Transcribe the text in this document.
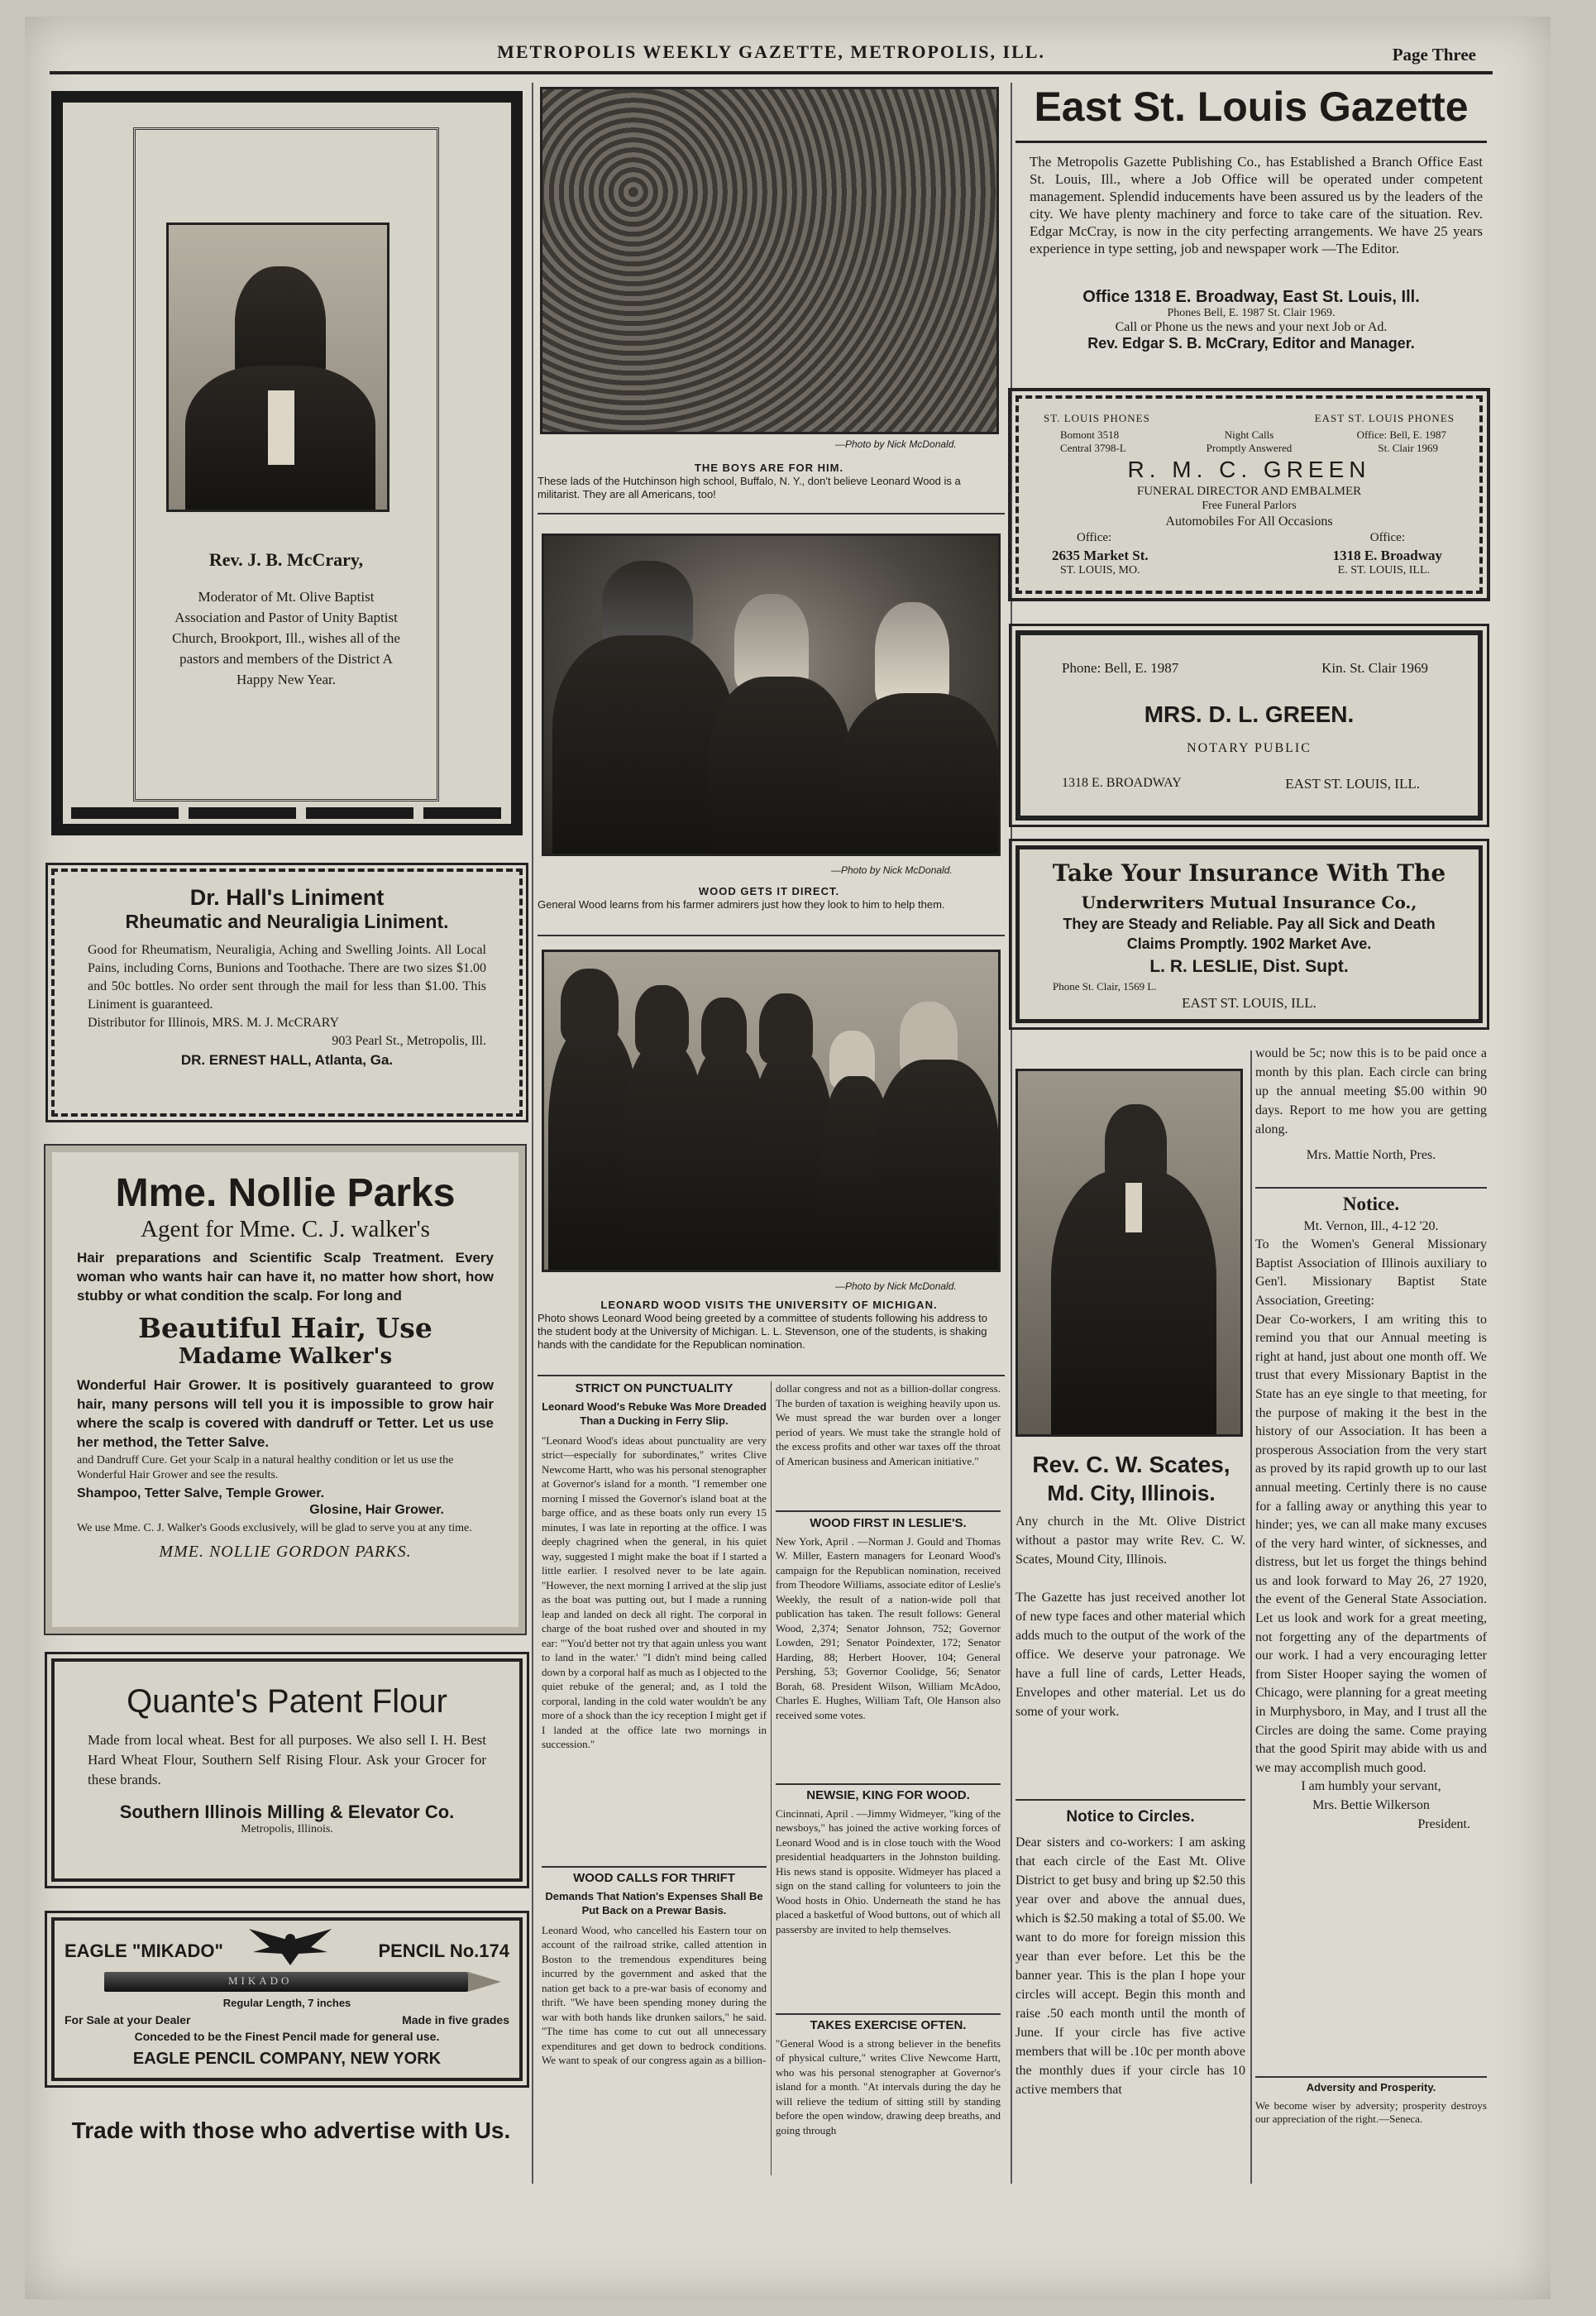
METROPOLIS WEEKLY GAZETTE, METROPOLIS, ILL.	Page Three
Rev. J. B. McCrary,
Moderator of Mt. Olive Baptist Association and Pastor of Unity Baptist Church, Brookport, Ill., wishes all of the pastors and members of the District A Happy New Year.
Dr. Hall's Liniment
Rheumatic and Neuraligia Liniment.
Good for Rheumatism, Neuraligia, Aching and Swelling Joints. All Local Pains, including Corns, Bunions and Toothache. There are two sizes $1.00 and 50c bottles. No order sent through the mail for less than $1.00. This Liniment is guaranteed.
Distributor for Illinois, MRS. M. J. McCRARY
903 Pearl St., Metropolis, Ill.
DR. ERNEST HALL, Atlanta, Ga.
Mme. Nollie Parks
Agent for Mme. C. J. walker's
Hair preparations and Scientific Scalp Treatment. Every woman who wants hair can have it, no matter how short, how stubby or what condition the scalp. For long and
Beautiful Hair, Use
Madame Walker's
Wonderful Hair Grower. It is positively guaranteed to grow hair, many persons will tell you it is impossible to grow hair where the scalp is covered with dandruff or Tetter. Let us use her method, the Tetter Salve.
and Dandruff Cure. Get your Scalp in a natural healthy condition or let us use the Wonderful Hair Grower and see the results.
Shampoo, Tetter Salve, Temple Grower.
Glosine, Hair Grower.
We use Mme. C. J. Walker's Goods exclusively, will be glad to serve you at any time.
MME. NOLLIE GORDON PARKS.
Quante's Patent Flour
Made from local wheat. Best for all purposes. We also sell I. H. Best Hard Wheat Flour, Southern Self Rising Flour. Ask your Grocer for these brands.
Southern Illinois Milling & Elevator Co.
Metropolis, Illinois.
EAGLE "MIKADO"	PENCIL No.174
MIKADO
Regular Length, 7 inches
For Sale at your Dealer	Made in five grades
Conceded to be the Finest Pencil made for general use.
EAGLE PENCIL COMPANY, NEW YORK
Trade with those who advertise with Us.
—Photo by Nick McDonald.
THE BOYS ARE FOR HIM.
These lads of the Hutchinson high school, Buffalo, N. Y., don't believe Leonard Wood is a militarist. They are all Americans, too!
—Photo by Nick McDonald.
WOOD GETS IT DIRECT.
General Wood learns from his farmer admirers just how they look to him to help them.
—Photo by Nick McDonald.
LEONARD WOOD VISITS THE UNIVERSITY OF MICHIGAN.
Photo shows Leonard Wood being greeted by a committee of students following his address to the student body at the University of Michigan. L. L. Stevenson, one of the students, is shaking hands with the candidate for the Republican nomination.
STRICT ON PUNCTUALITY
Leonard Wood's Rebuke Was More Dreaded Than a Ducking in Ferry Slip.
"Leonard Wood's ideas about punctuality are very strict—especially for subordinates," writes Clive Newcome Hartt, who was his personal stenographer at Governor's island for a month. "I remember one morning I missed the Governor's island boat at the barge office, and as these boats only run every 15 minutes, I was late in reporting at the office. I was deeply chagrined when the general, in his quiet way, suggested I might make the boat if I started a little earlier. I resolved never to be late again. "However, the next morning I arrived at the slip just as the boat was putting out, but I made a running leap and landed on deck all right. The corporal in charge of the boat rushed over and shouted in my ear: "'You'd better not try that again unless you want to land in the water.' "I didn't mind being called down by a corporal half as much as I objected to the quiet rebuke of the general; and, as I told the corporal, landing in the cold water wouldn't be any more of a shock than the icy reception I might get if I landed at the office late two mornings in succession."
WOOD CALLS FOR THRIFT
Demands That Nation's Expenses Shall Be Put Back on a Prewar Basis.
Leonard Wood, who cancelled his Eastern tour on account of the railroad strike, called attention in Boston to the tremendous expenditures being incurred by the government and asked that the nation get back to a pre-war basis of economy and thrift. "We have been spending money during the war with both hands like drunken sailors," he said. "The time has come to cut out all unnecessary expenditures and get down to bedrock conditions. We want to speak of our congress again as a billion-
dollar congress and not as a billion-dollar congress. The burden of taxation is weighing heavily upon us. We must spread the war burden over a longer period of years. We must take the strangle hold of the excess profits and other war taxes off the throat of American business and American initiative."
WOOD FIRST IN LESLIE'S.
New York, April . —Norman J. Gould and Thomas W. Miller, Eastern managers for Leonard Wood's campaign for the Republican nomination, received from Theodore Williams, associate editor of Leslie's Weekly, the result of a nation-wide poll that publication has taken. The result follows: General Wood, 2,374; Senator Johnson, 752; Governor Lowden, 291; Senator Poindexter, 172; Senator Harding, 88; Herbert Hoover, 104; General Pershing, 53; Governor Coolidge, 56; Senator Borah, 68. President Wilson, William McAdoo, Charles E. Hughes, William Taft, Ole Hanson also received some votes.
NEWSIE, KING FOR WOOD.
Cincinnati, April . —Jimmy Widmeyer, "king of the newsboys," has joined the active working forces of Leonard Wood and is in close touch with the Wood presidential headquarters in the Johnston building. His news stand is opposite. Widmeyer has placed a sign on the stand calling for volunteers to join the Wood hosts in Ohio. Underneath the stand he has placed a basketful of Wood buttons, out of which all passersby are invited to help themselves.
TAKES EXERCISE OFTEN.
"General Wood is a strong believer in the benefits of physical culture," writes Clive Newcome Hartt, who was his personal stenographer at Governor's island for a month. "At intervals during the day he will relieve the tedium of sitting still by standing before the open window, drawing deep breaths, and going through
East St. Louis Gazette
The Metropolis Gazette Publishing Co., has Established a Branch Office East St. Louis, Ill., where a Job Office will be operated under competent management. Splendid inducements have been assured us by the leaders of the city. We have plenty machinery and force to take care of the situation. Rev. Edgar McCray, is now in the city perfecting arrangements. We have 25 years experience in type setting, job and newspaper work —The Editor.
Office 1318 E. Broadway, East St. Louis, Ill.
Phones Bell, E. 1987 St. Clair 1969.
Call or Phone us the news and your next Job or Ad.
Rev. Edgar S. B. McCrary, Editor and Manager.
ST. LOUIS PHONES	EAST ST. LOUIS PHONES
Bomont 3518
Central 3798-L
Night Calls
Promptly Answered
Office: Bell, E. 1987
St. Clair 1969
R. M. C. GREEN
FUNERAL DIRECTOR AND EMBALMER
Free Funeral Parlors
Automobiles For All Occasions
Office:
2635 Market St.
ST. LOUIS, MO.
Office:
1318 E. Broadway
E. ST. LOUIS, ILL.
Phone: Bell, E. 1987	Kin. St. Clair 1969
MRS. D. L. GREEN.
NOTARY PUBLIC
1318 E. BROADWAY	EAST ST. LOUIS, ILL.
Take Your Insurance With The
Underwriters Mutual Insurance Co.,
They are Steady and Reliable. Pay all Sick and Death
Claims Promptly. 1902 Market Ave.
L. R. LESLIE, Dist. Supt.
Phone St. Clair, 1569 L.
EAST ST. LOUIS, ILL.
Rev. C. W. Scates,
Md. City, Illinois.
Any church in the Mt. Olive District without a pastor may write Rev. C. W. Scates, Mound City, Illinois.
The Gazette has just received another lot of new type faces and other material which adds much to the output of the work of the office. We deserve your patronage. We have a full line of cards, Letter Heads, Envelopes and other material. Let us do some of your work.
Notice to Circles.
Dear sisters and co-workers: I am asking that each circle of the East Mt. Olive District to get busy and bring up $2.50 this year over and above the annual dues, which is $2.50 making a total of $5.00. We want to do more for foreign mission this year than ever before. Let this be the banner year. This is the plan I hope your circles will accept. Begin this month and raise .50 each month until the month of June. If your circle has five active members that will be .10c per month above the monthly dues if your circle has 10 active members that
would be 5c; now this is to be paid once a month by this plan. Each circle can bring up the annual meeting $5.00 within 90 days. Report to me how you are getting along.
Mrs. Mattie North, Pres.
Notice.
Mt. Vernon, Ill., 4-12 '20.
To the Women's General Missionary Baptist Association of Illinois auxiliary to Gen'l. Missionary Baptist State Association, Greeting:
Dear Co-workers, I am writing this to remind you that our Annual meeting is right at hand, just about one month off. We trust that every Missionary Baptist in the State has an eye single to that meeting, for the purpose of making it the best in the history of our Association. It has been a prosperous Association from the very start as proved by its rapid growth up to our last annual meeting. Certinly there is no cause for a falling away or anything this year to hinder; yes, we can all make many excuses of the very hard winter, of sicknesses, and distress, but let us forget the things behind us and look forward to May 26, 27 1920, the event of the General State Association. Let us look and work for a great meeting, not forgetting any of the departments of our work. I had a very encouraging letter from Sister Hooper saying the women of Chicago, were planning for a great meeting in Murphysboro, in May, and I trust all the Circles are doing the same. Come praying that the good Spirit may abide with us and we may accomplish much good.
I am humbly your servant,
Mrs. Bettie Wilkerson
President.
Adversity and Prosperity.
We become wiser by adversity; prosperity destroys our appreciation of the right.—Seneca.
